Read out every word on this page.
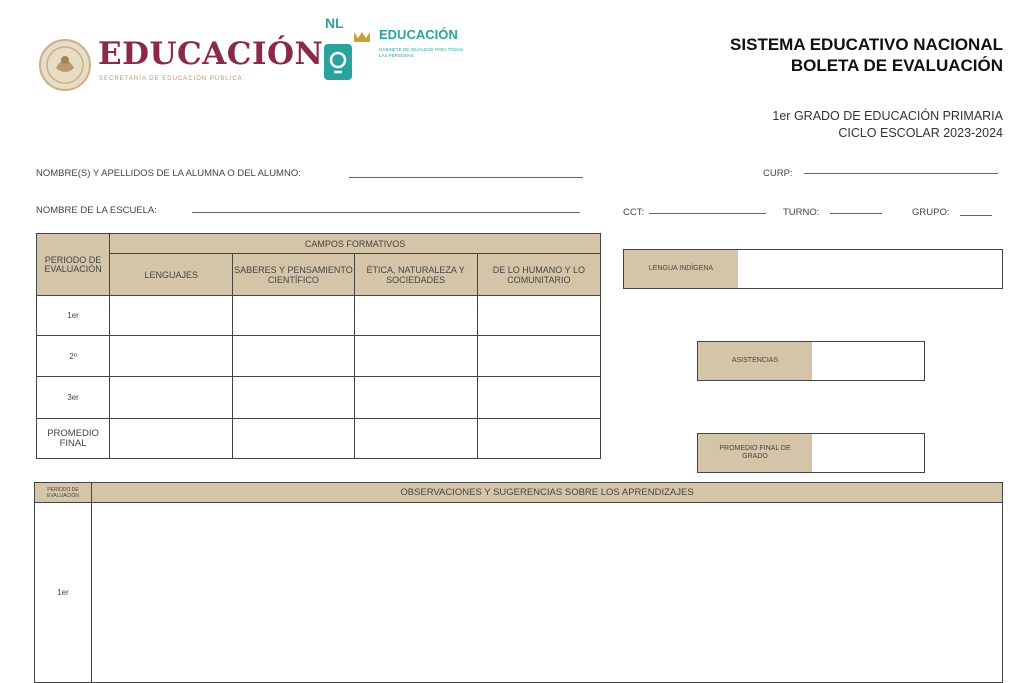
EDUCACIÓN
SECRETARÍA DE EDUCACIÓN PÚBLICA
NL
EDUCACIÓN
GABINETE DE IGUALDAD PARA TODAS LAS PERSONAS
SISTEMA EDUCATIVO NACIONAL
BOLETA DE EVALUACIÓN
1er GRADO DE EDUCACIÓN PRIMARIA
CICLO ESCOLAR 2023-2024
NOMBRE(S) Y APELLIDOS DE LA ALUMNA O DEL ALUMNO:	CURP:
NOMBRE DE LA ESCUELA:	CCT:	TURNO:	GRUPO:
PERIODO DE EVALUACIÓN	CAMPOS FORMATIVOS			
	LENGUAJES	SABERES Y PENSAMIENTO CIENTÍFICO	ÉTICA, NATURALEZA Y SOCIEDADES	DE LO HUMANO Y LO COMUNITARIO
1er				
2º				
3er				
PROMEDIO FINAL				
LENGUA INDÍGENA
ASISTENCIAS
PROMEDIO FINAL DE GRADO
PERIODO DE EVALUACIÓN	OBSERVACIONES Y SUGERENCIAS SOBRE LOS APRENDIZAJES
1er	
